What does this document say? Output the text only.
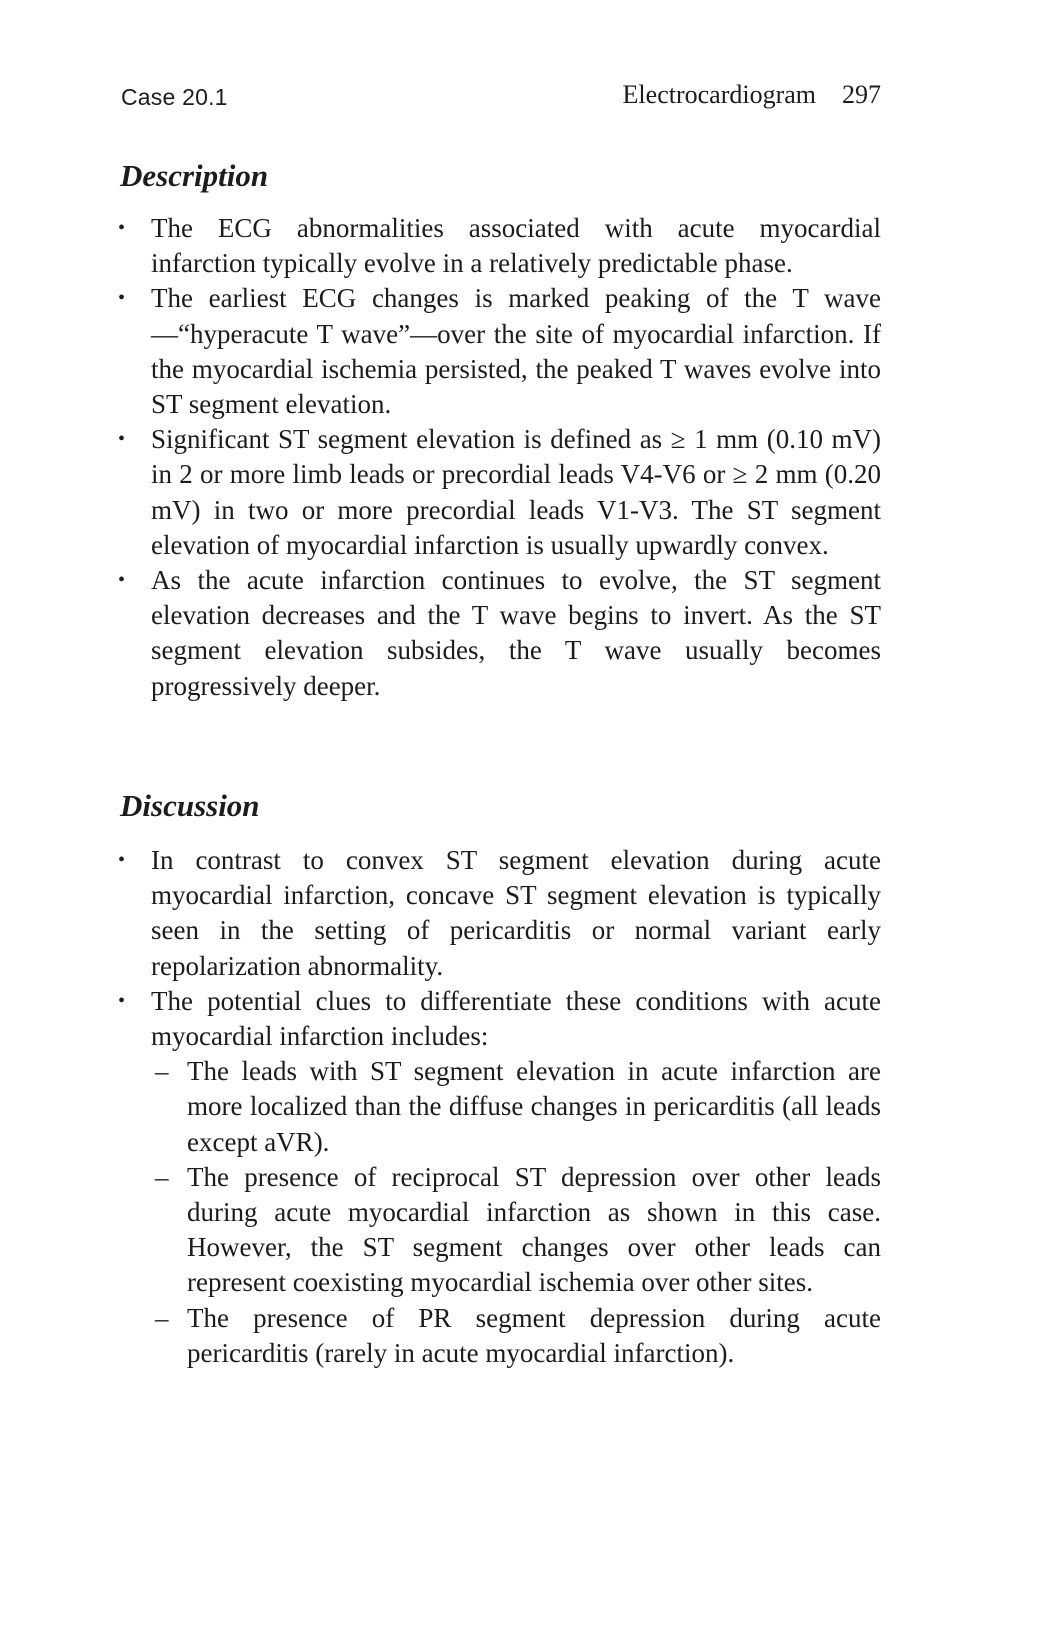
Case 20.1	Electrocardiogram 297
Description
• The ECG abnormalities associated with acute myocardial infarction typically evolve in a relatively predictable phase.
• The earliest ECG changes is marked peaking of the T wave—“hyperacute T wave”—over the site of myocardial infarction. If the myocardial ischemia persisted, the peaked T waves evolve into ST segment elevation.
• Significant ST segment elevation is defined as ≥ 1 mm (0.10 mV) in 2 or more limb leads or precordial leads V4-V6 or ≥ 2 mm (0.20 mV) in two or more precordial leads V1-V3. The ST segment elevation of myocardial infarction is usually upwardly convex.
• As the acute infarction continues to evolve, the ST segment elevation decreases and the T wave begins to invert. As the ST segment elevation subsides, the T wave usually becomes progressively deeper.
Discussion
• In contrast to convex ST segment elevation during acute myocardial infarction, concave ST segment elevation is typically seen in the setting of pericarditis or normal variant early repolarization abnormality.
• The potential clues to differentiate these conditions with acute myocardial infarction includes:
– The leads with ST segment elevation in acute infarction are more localized than the diffuse changes in pericarditis (all leads except aVR).
– The presence of reciprocal ST depression over other leads during acute myocardial infarction as shown in this case. However, the ST segment changes over other leads can represent coexisting myocardial ischemia over other sites.
– The presence of PR segment depression during acute pericarditis (rarely in acute myocardial infarction).
